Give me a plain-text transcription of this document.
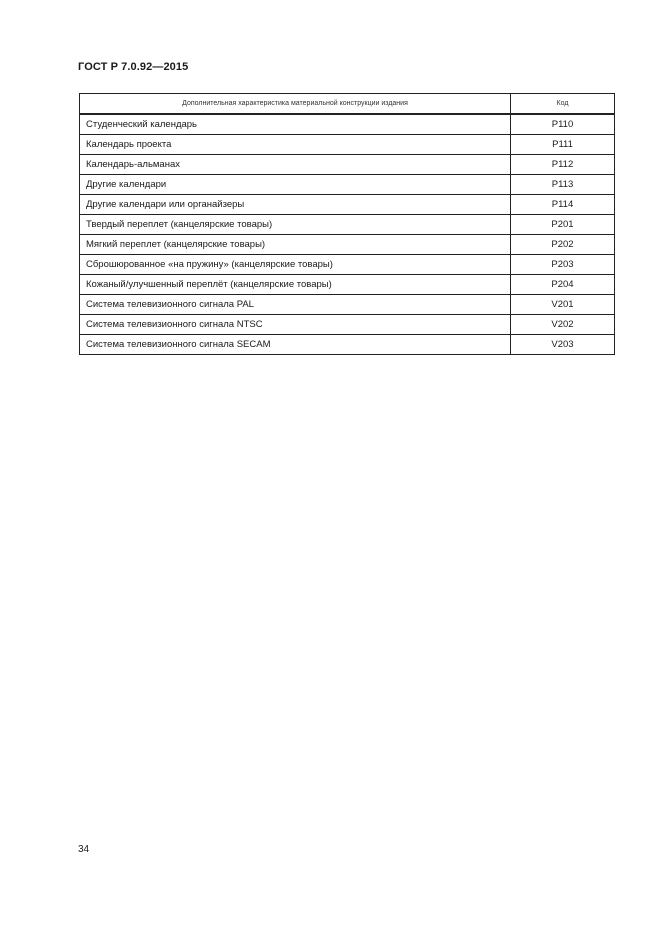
ГОСТ Р 7.0.92—2015
Дополнительная характеристика материальной конструкции издания	Код
Студенческий календарь	P110
Календарь проекта	P111
Календарь-альманах	P112
Другие календари	P113
Другие календари или органайзеры	P114
Твердый переплет (канцелярские товары)	P201
Мягкий переплет (канцелярские товары)	P202
Сброшюрованное «на пружину» (канцелярские товары)	P203
Кожаный/улучшенный переплёт (канцелярские товары)	P204
Система телевизионного сигнала PAL	V201
Система телевизионного сигнала NTSC	V202
Система телевизионного сигнала SECAM	V203
34
